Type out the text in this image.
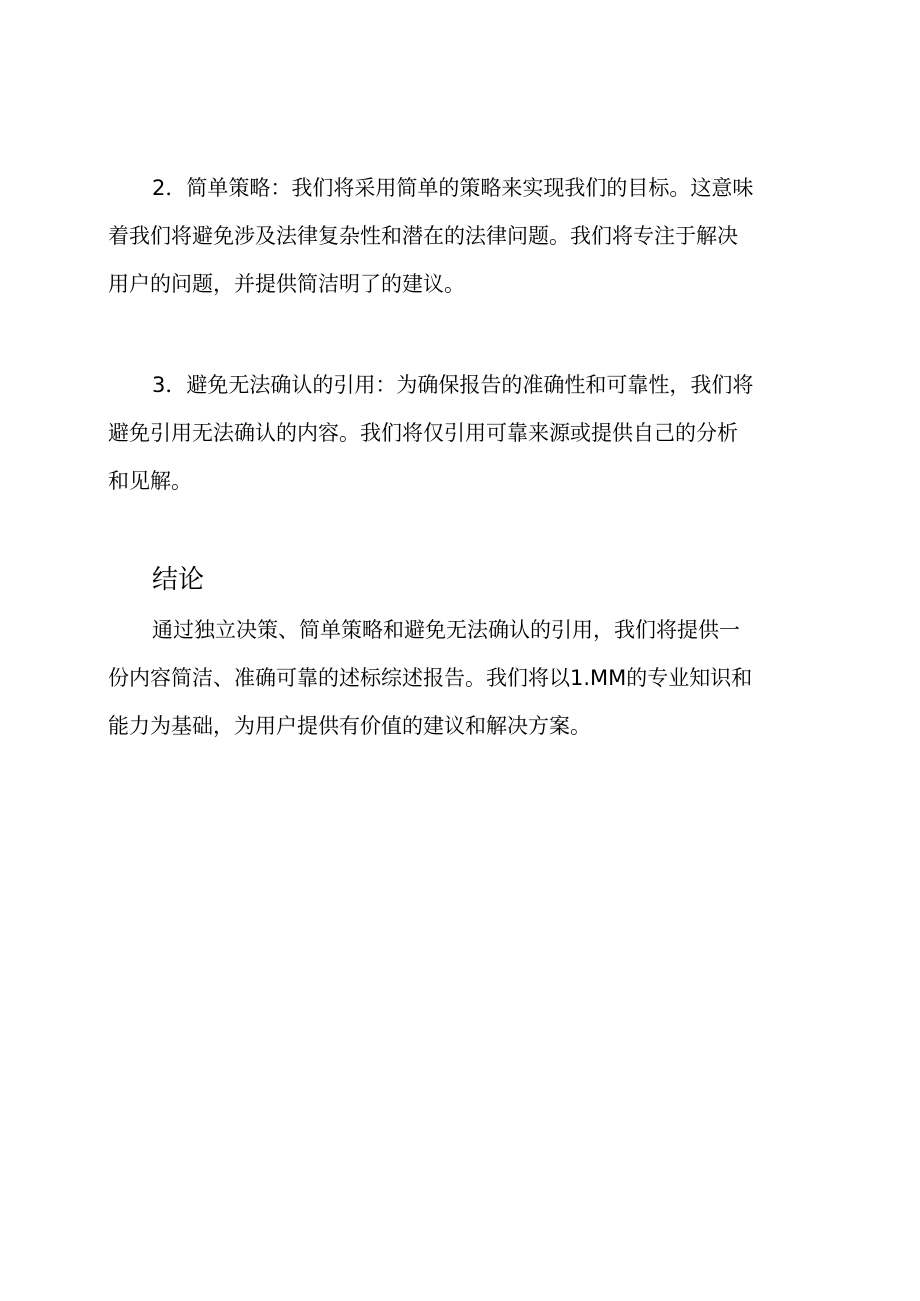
2．简单策略：我们将采用简单的策略来实现我们的目标。这意味
着我们将避免涉及法律复杂性和潜在的法律问题。我们将专注于解决
用户的问题，并提供简洁明了的建议。
3．避免无法确认的引用：为确保报告的准确性和可靠性，我们将
避免引用无法确认的内容。我们将仅引用可靠来源或提供自己的分析
和见解。
结论
通过独立决策、简单策略和避免无法确认的引用，我们将提供一
份内容简洁、准确可靠的述标综述报告。我们将以1.MM的专业知识和
能力为基础，为用户提供有价值的建议和解决方案。
